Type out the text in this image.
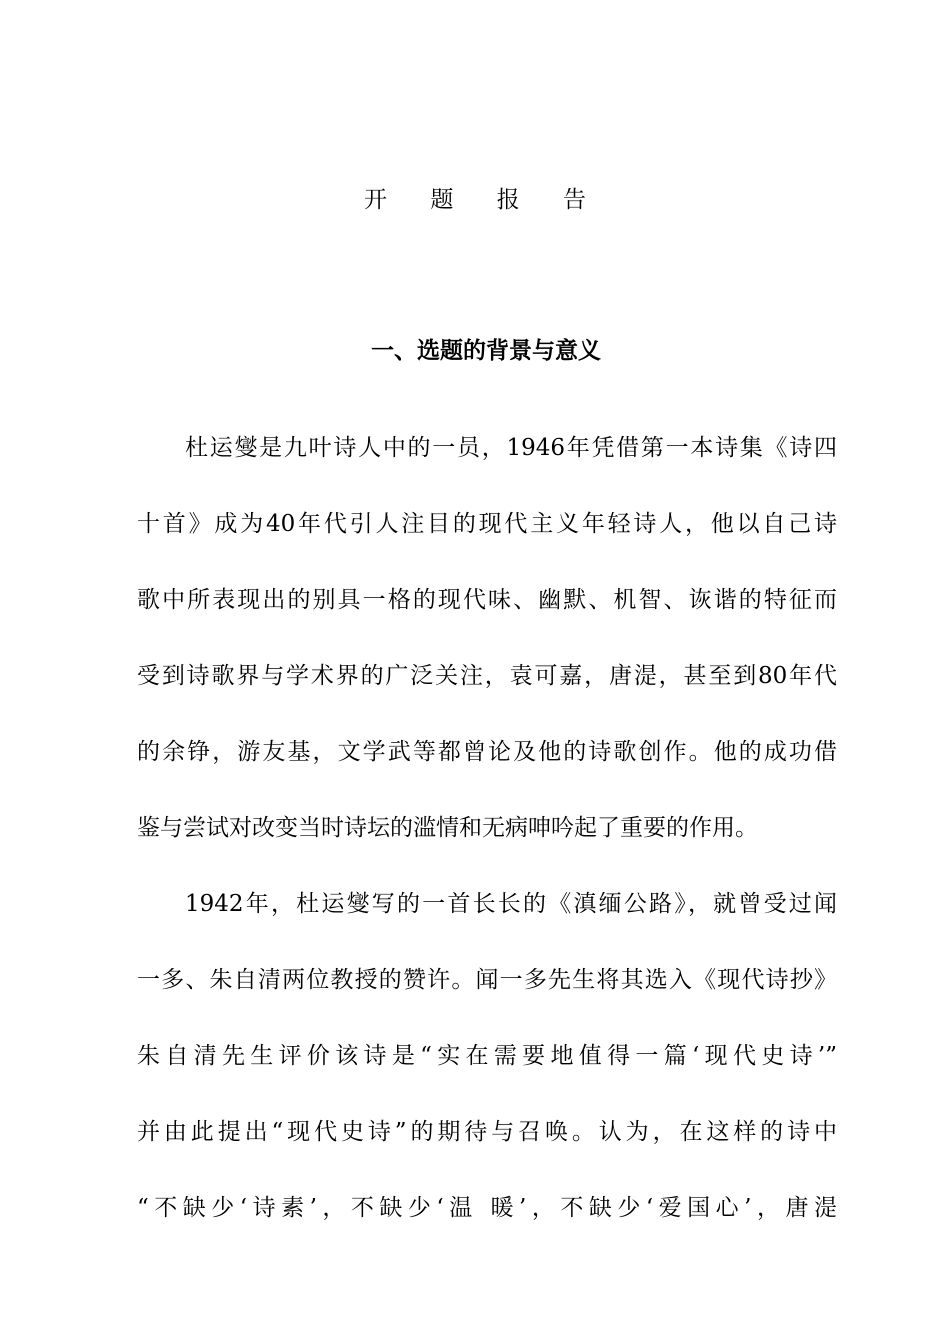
开 题 报 告
一、选题的背景与意义
杜运燮是九叶诗人中的一员，1946年凭借第一本诗集《诗四
十首》成为40年代引人注目的现代主义年轻诗人，他以自己诗
歌中所表现出的别具一格的现代味、幽默、机智、诙谐的特征而
受到诗歌界与学术界的广泛关注，袁可嘉，唐湜，甚至到80年代
的余铮，游友基，文学武等都曾论及他的诗歌创作。他的成功借
鉴与尝试对改变当时诗坛的滥情和无病呻吟起了重要的作用。
1942年，杜运燮写的一首长长的《滇缅公路》，就曾受过闻
一多、朱自清两位教授的赞许。闻一多先生将其选入《现代诗抄》
朱自清先生评价该诗是“实在需要地值得一篇‘现代史诗’”
并由此提出“现代史诗”的期待与召唤。认为，在这样的诗中
“不缺少‘诗素’，不缺少‘温 暖’，不缺少‘爱国心’，唐湜
